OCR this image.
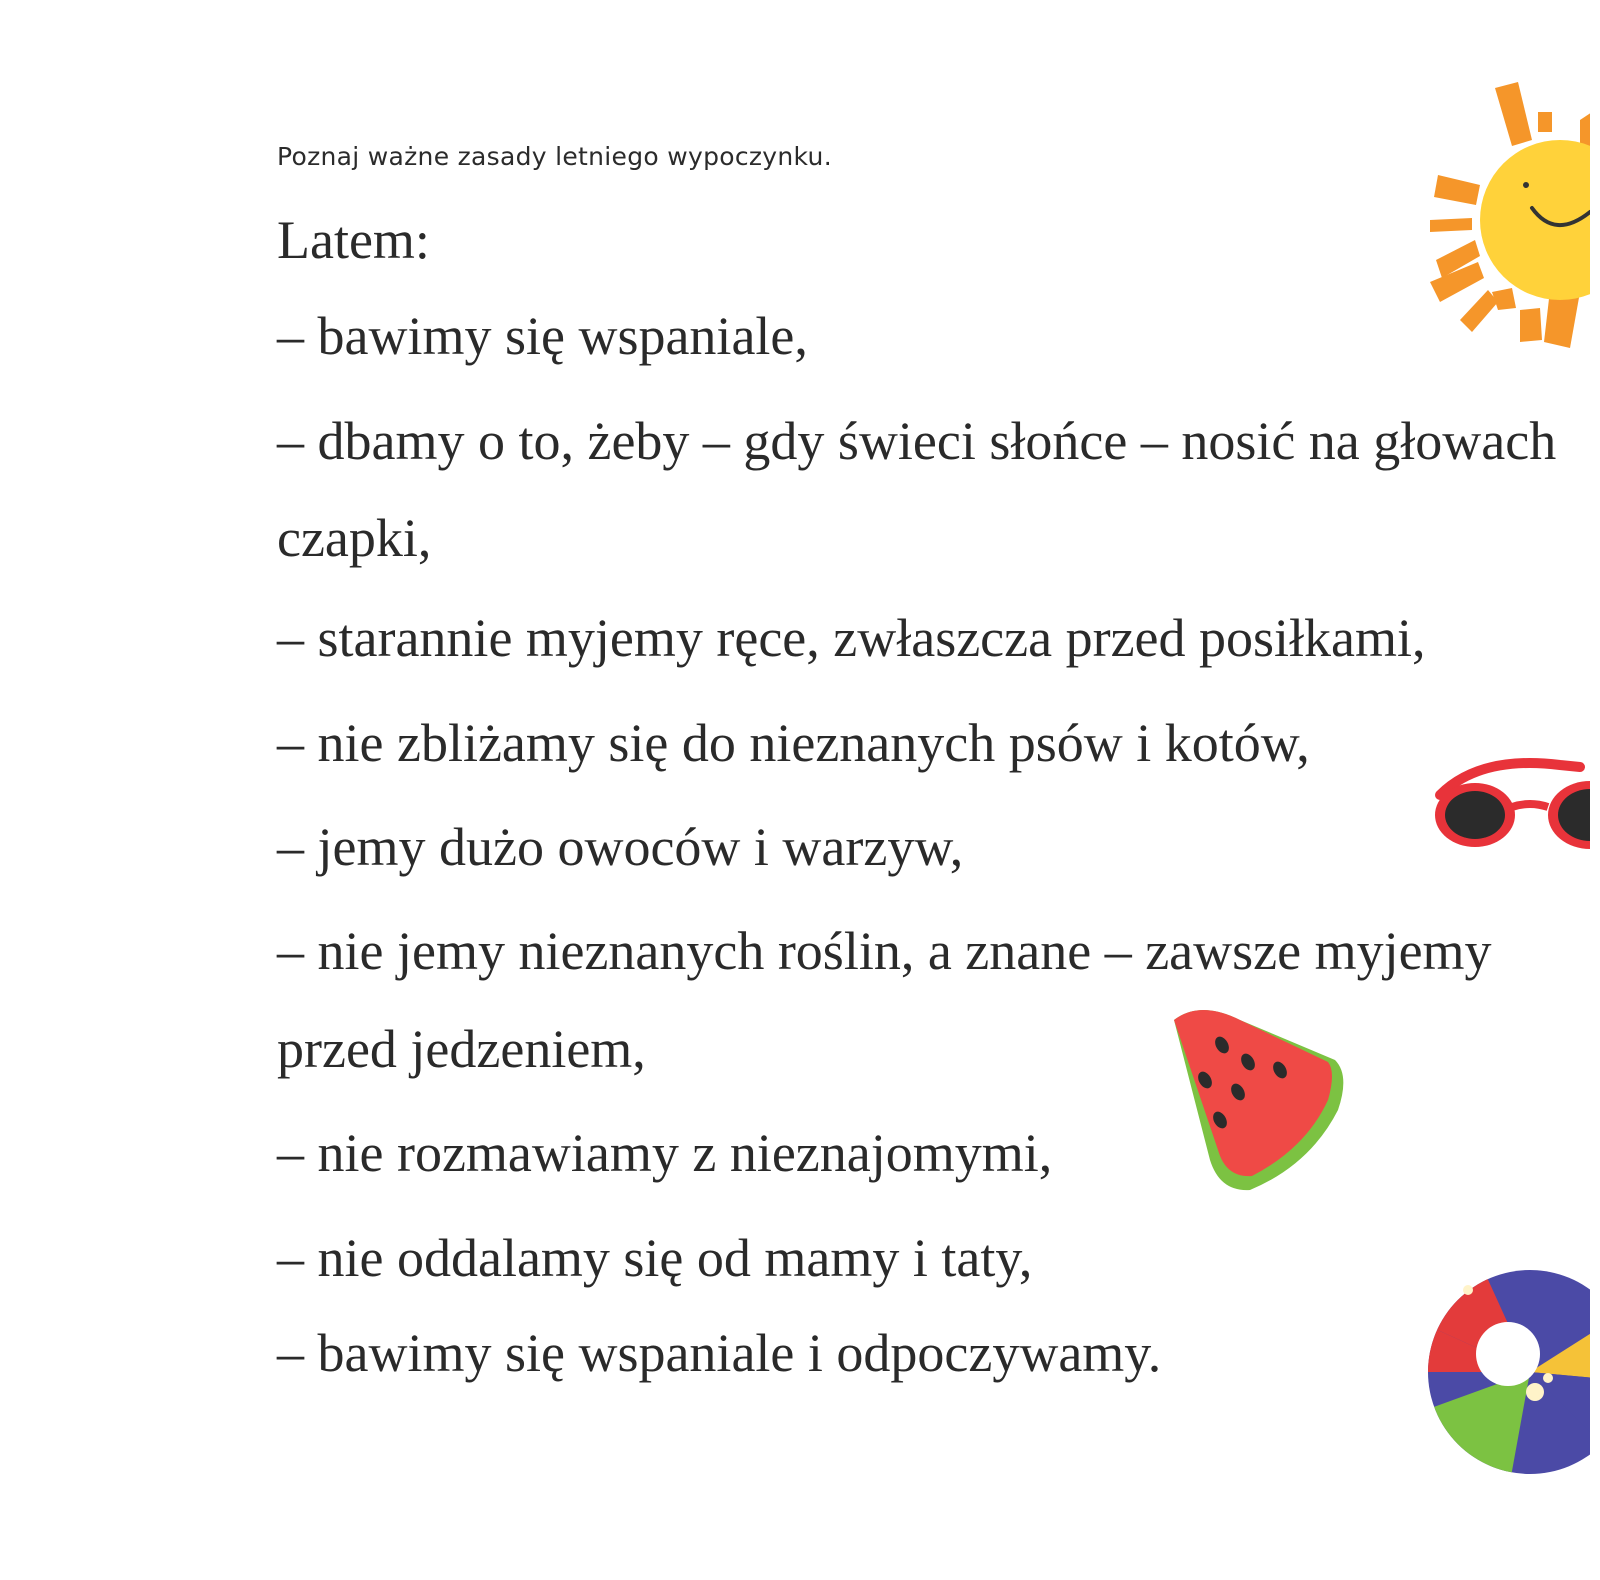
Poznaj ważne zasady letniego wypoczynku.
Latem:
– bawimy się wspaniale,
– dbamy o to, żeby – gdy świeci słońce – nosić na głowach
czapki,
– starannie myjemy ręce, zwłaszcza przed posiłkami,
– nie zbliżamy się do nieznanych psów i kotów,
– jemy dużo owoców i warzyw,
– nie jemy nieznanych roślin, a znane – zawsze myjemy
przed jedzeniem,
– nie rozmawiamy z nieznajomymi,
– nie oddalamy się od mamy i taty,
– bawimy się wspaniale i odpoczywamy.
